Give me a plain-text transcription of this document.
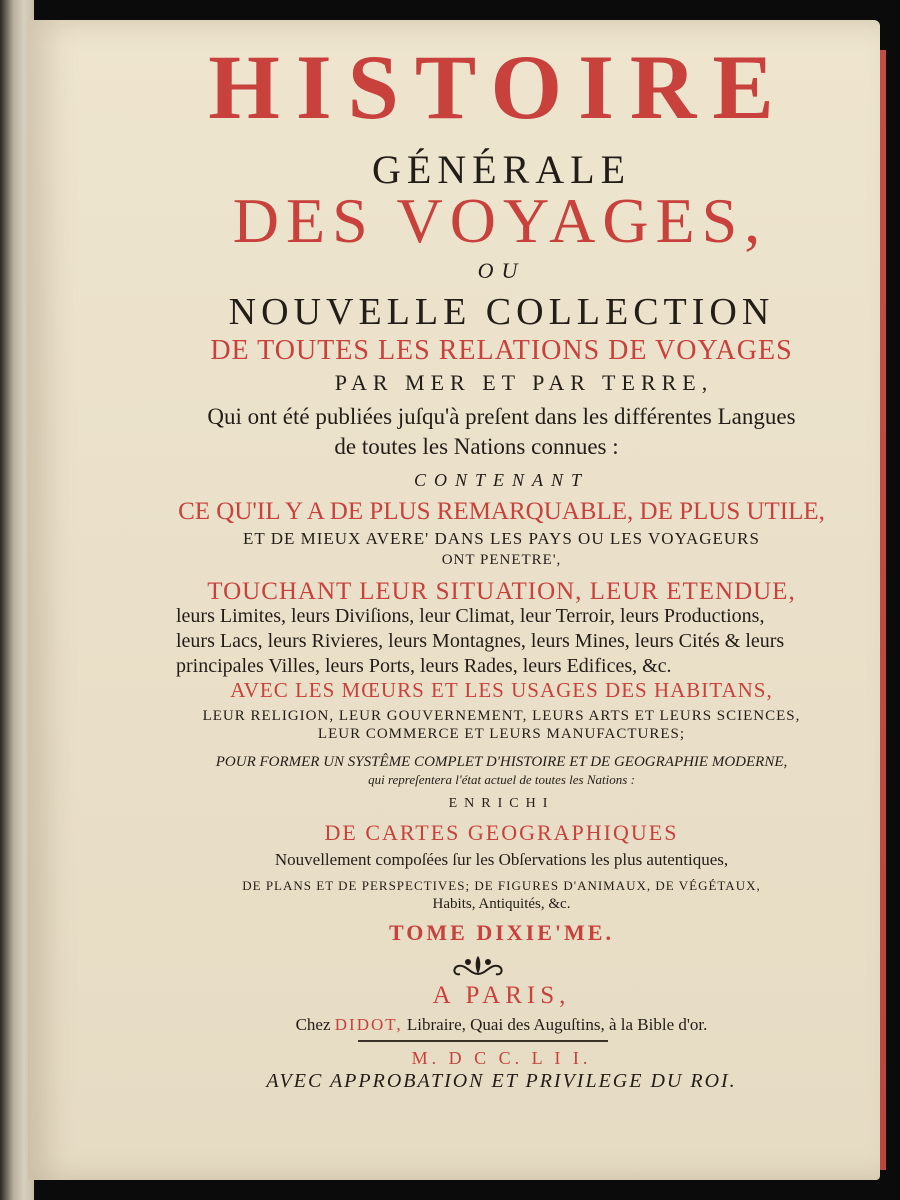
HISTOIRE
GÉNÉRALE
DES VOYAGES,
OU
NOUVELLE COLLECTION
DE TOUTES LES RELATIONS DE VOYAGES
PAR MER ET PAR TERRE,
Qui ont été publiées juſqu'à preſent dans les différentes Langues
de toutes les Nations connues :
CONTENANT
CE QU'IL Y A DE PLUS REMARQUABLE, DE PLUS UTILE,
ET DE MIEUX AVERE' DANS LES PAYS OU LES VOYAGEURS
ONT PENETRE',
TOUCHANT LEUR SITUATION, LEUR ETENDUE,
leurs Limites, leurs Diviſions, leur Climat, leur Terroir, leurs Productions,
leurs Lacs, leurs Rivieres, leurs Montagnes, leurs Mines, leurs Cités & leurs
principales Villes, leurs Ports, leurs Rades, leurs Edifices, &c.
AVEC LES MŒURS ET LES USAGES DES HABITANS,
LEUR RELIGION, LEUR GOUVERNEMENT, LEURS ARTS ET LEURS SCIENCES,
LEUR COMMERCE ET LEURS MANUFACTURES;
POUR FORMER UN SYSTÊME COMPLET D'HISTOIRE ET DE GEOGRAPHIE MODERNE,
qui repreſentera l'état actuel de toutes les Nations :
ENRICHI
DE CARTES GEOGRAPHIQUES
Nouvellement compoſées ſur les Obſervations les plus autentiques,
DE PLANS ET DE PERSPECTIVES; DE FIGURES D'ANIMAUX, DE VÉGÉTAUX,
Habits, Antiquités, &c.
TOME DIXIE'ME.
A PARIS,
Chez DIDOT, Libraire, Quai des Auguſtins, à la Bible d'or.
M. D C C. L I I.
AVEC APPROBATION ET PRIVILEGE DU ROI.
